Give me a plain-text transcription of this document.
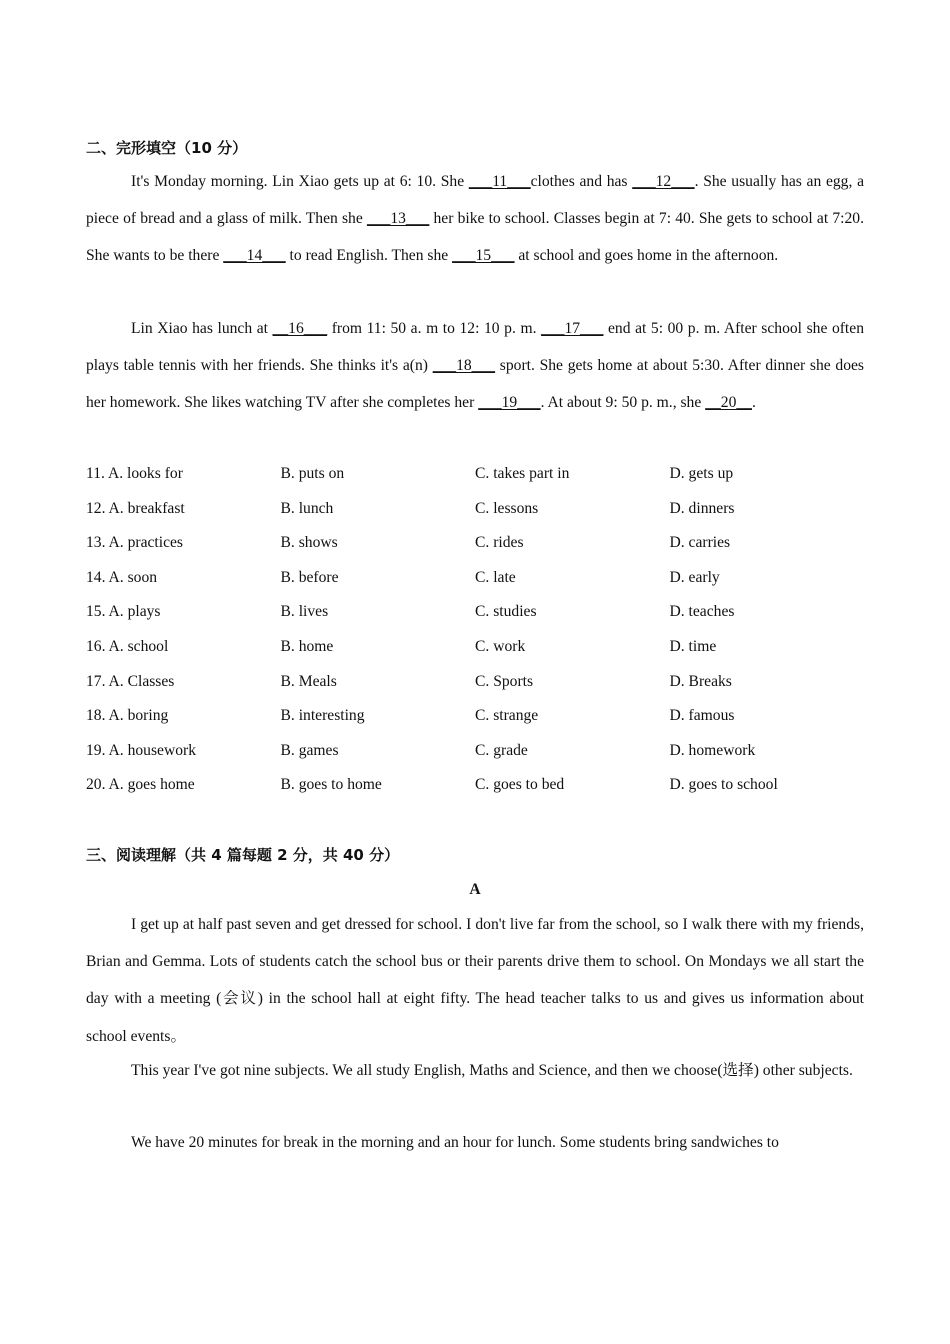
二、完形填空（10 分）
It's Monday morning. Lin Xiao gets up at 6: 10. She ___11___clothes and has ___12___. She usually has an egg, a piece of bread and a glass of milk. Then she ___13___ her bike to school. Classes begin at 7: 40. She gets to school at 7:20. She wants to be there ___14___ to read English. Then she ___15___ at school and goes home in the afternoon.
Lin Xiao has lunch at __16___ from 11: 50 a. m to 12: 10 p. m. ___17___ end at 5: 00 p. m. After school she often plays table tennis with her friends. She thinks it's a(n) ___18___ sport. She gets home at about 5:30. After dinner she does her homework. She likes watching TV after she completes her ___19___. At about 9: 50 p. m., she __20__.
11. A. looks for	B. puts on	C. takes part in	D. gets up
12. A. breakfast	B. lunch	C. lessons	D. dinners
13. A. practices	B. shows	C. rides	D. carries
14. A. soon	B. before	C. late	D. early
15. A. plays	B. lives	C. studies	D. teaches
16. A. school	B. home	C. work	D. time
17. A. Classes	B. Meals	C. Sports	D. Breaks
18. A. boring	B. interesting	C. strange	D. famous
19. A. housework	B. games	C. grade	D. homework
20. A. goes home	B. goes to home	C. goes to bed	D. goes to school
三、阅读理解（共 4 篇每题 2 分，共 40 分）
A
I get up at half past seven and get dressed for school. I don't live far from the school, so I walk there with my friends, Brian and Gemma. Lots of students catch the school bus or their parents drive them to school. On Mondays we all start the day with a meeting (会议) in the school hall at eight fifty. The head teacher talks to us and gives us information about school events。
This year I've got nine subjects. We all study English, Maths and Science, and then we choose(选择) other subjects.
We have 20 minutes for break in the morning and an hour for lunch. Some students bring sandwiches to
